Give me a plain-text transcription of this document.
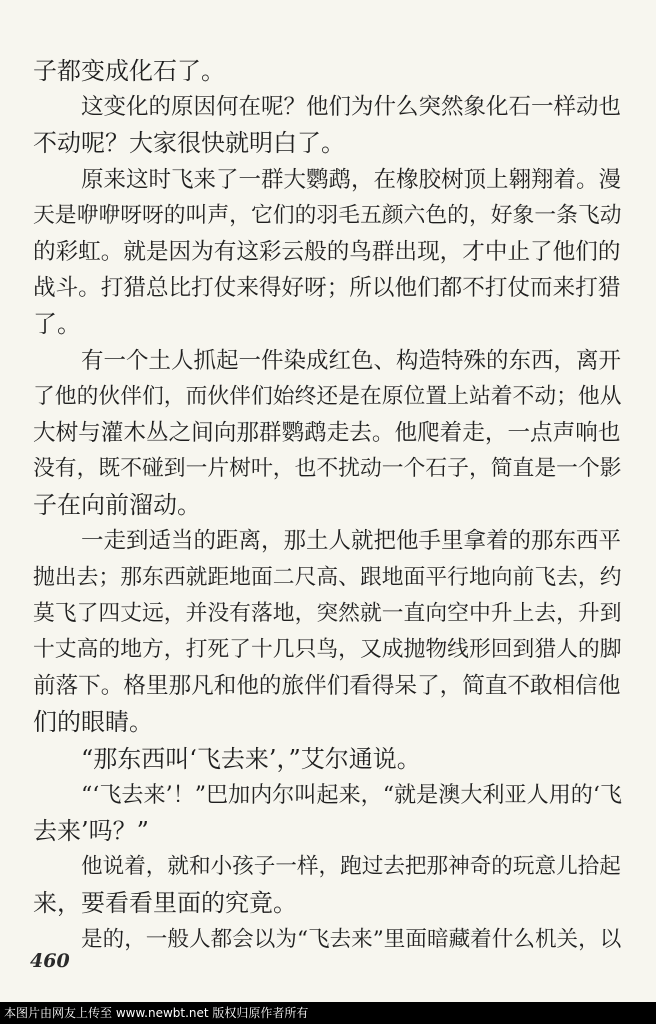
子都变成化石了。
这变化的原因何在呢？他们为什么突然象化石一样动也
不动呢？大家很快就明白了。
原来这时飞来了一群大鹦鹉，在橡胶树顶上翱翔着。漫
天是咿咿呀呀的叫声，它们的羽毛五颜六色的，好象一条飞动
的彩虹。就是因为有这彩云般的鸟群出现，才中止了他们的
战斗。打猎总比打仗来得好呀；所以他们都不打仗而来打猎
了。
有一个土人抓起一件染成红色、构造特殊的东西，离开
了他的伙伴们，而伙伴们始终还是在原位置上站着不动；他从
大树与灌木丛之间向那群鹦鹉走去。他爬着走，一点声响也
没有，既不碰到一片树叶，也不扰动一个石子，简直是一个影
子在向前溜动。
一走到适当的距离，那土人就把他手里拿着的那东西平
抛出去；那东西就距地面二尺高、跟地面平行地向前飞去，约
莫飞了四丈远，并没有落地，突然就一直向空中升上去，升到
十丈高的地方，打死了十几只鸟，又成抛物线形回到猎人的脚
前落下。格里那凡和他的旅伴们看得呆了，简直不敢相信他
们的眼睛。
“那东西叫‘飞去来’，”艾尔通说。
“‘飞去来’！”巴加内尔叫起来，“就是澳大利亚人用的‘飞
去来’吗？”
他说着，就和小孩子一样，跑过去把那神奇的玩意儿拾起
来，要看看里面的究竟。
是的，一般人都会以为“飞去来”里面暗藏着什么机关，以
460
本图片由网友上传至 www.newbt.net 版权归原作者所有
